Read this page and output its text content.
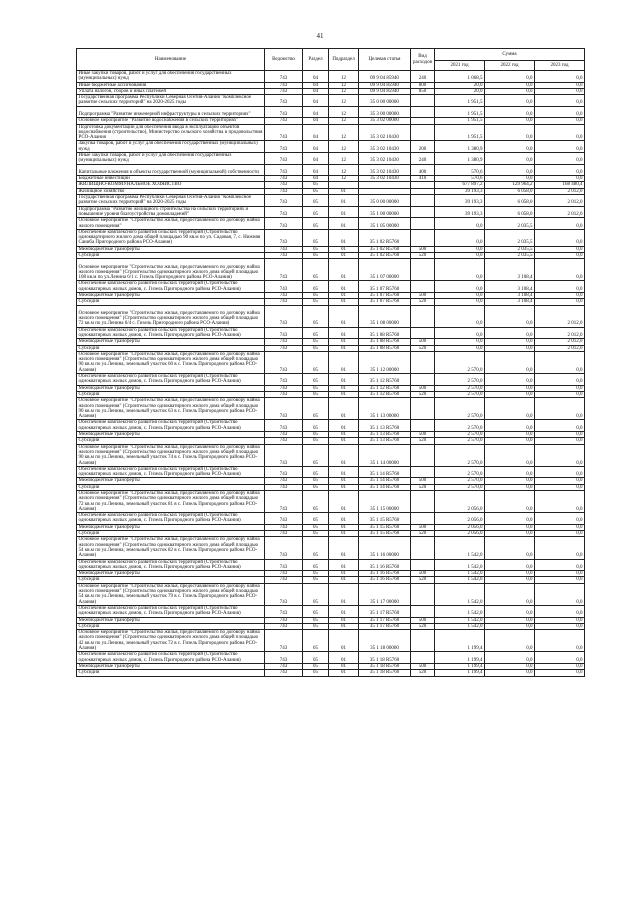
41
Наименование	Ведомство	Раздел	Подраздел	Целевая статья	Вид расходов	Сумма		
						2021 год	2022 год	2023 год
Иные закупки товаров, работ и услуг для обеспечения государственных (муниципальных) нужд	743	04	12	09 9 04 85940	240	1 068,5	0,0	0,0
Иные бюджетные ассигнования	743	04	12	09 9 04 85940	800	20,0	0,0	0,0
Уплата налогов, сборов и иных платежей	743	04	12	09 9 04 85940	850	20,0	0,0	0,0
Государственная программа Республики Северная Осетия-Алания "Комплексное развитие сельских территорий" на 2020-2025 годы	743	04	12	35 0 00 00000		1 951,5	0,0	0,0
Подпрограмма "Развитие инженерной инфраструктуры в сельских территориях"	743	04	12	35 3 00 00000		1 951,5	0,0	0,0
Основное мероприятие "Развитие водоснабжения в сельских территориях"	743	04	12	35 3 02 00000		1 951,5	0,0	0,0
Подготовка документации для обеспечения ввода в эксплуатацию объектов водоснабжения (строительство), Министерство сельского хозяйства и продовольствия РСО-Алания	743	04	12	35 3 02 10430		1 951,5	0,0	0,0
Закупка товаров, работ и услуг для обеспечения государственных (муниципальных) нужд	743	04	12	35 3 02 10430	200	1 380,9	0,0	0,0
Иные закупки товаров, работ и услуг для обеспечения государственных (муниципальных) нужд	743	04	12	35 3 02 10430	240	1 380,9	0,0	0,0
Капитальные вложения в объекты государственной (муниципальной) собственности	743	04	12	35 3 02 10430	400	570,6	0,0	0,0
Бюджетные инвестиции	743	04	12	35 3 02 10430	410	570,6	0,0	0,0
ЖИЛИЩНО-КОММУНАЛЬНОЕ ХОЗЯЙСТВО	743	05				677 897,2	129 964,2	168 480,4
Жилищное хозяйство	743	05	01			39 193,3	6 058,0	2 012,0
Государственная программа Республики Северная Осетия-Алания "Комплексное развитие сельских территорий" на 2020-2025 годы	743	05	01	35 0 00 00000		39 193,3	6 058,0	2 012,0
Подпрограмма "Развитие жилищного строительства на сельских территориях и повышение уровня благоустройства домовладений"	743	05	01	35 1 00 00000		39 193,3	6 058,0	2 012,0
Основное мероприятие "Строительство жилья, предоставляемого по договору найма жилого помещения"	743	05	01	35 1 05 00000		0,0	2 035,5	0,0
Обеспечение комплексного развития сельских территорий (Строительство одноквартирного жилого дома общей площадью 90 кв.м по ул. Садовая, 7, с. Нижняя Саниба Пригородного района РСО-Алания)	743	05	01	35 1 02 R5760		0,0	2 035,5	0,0
Межбюджетные трансферты	743	05	01	35 1 02 R5760	500	0,0	2 035,5	0,0
Субсидии	743	05	01	35 1 02 R5760	520	0,0	2 035,5	0,0
Основное мероприятие "Строительство жилья, предоставляемого по договору найма жилого помещения" (Строительство однокватирного жилого дома общей площадью 108 кв.м по ул.Ленина 6/1 с. Гизель Пригородного района РСО-Алания)	743	05	01	35 1 07 00000		0,0	3 108,4	0,0
Обеспечение комплексного развития сельских территорий (Строительство однокватирных жилых домов, с. Гизель Пригородного района РСО-Алания)	743	05	01	35 1 07 R5760		0,0	3 108,4	0,0
Межбюджетные трансферты	743	05	01	35 1 07 R5760	500	0,0	3 108,4	0,0
Субсидии	743	05	01	35 1 07 R5760	520	0,0	3 108,4	0,0
Основное мероприятие "Строительство жилья, предоставляемого по договору найма жилого помещения" (Строительство однокватирного жилого дома общей площадью 72 кв.м по ул.Ленина 6/4 с. Гизель Пригородного района РСО-Алания)	743	05	01	35 1 08 00000		0,0	0,0	2 012,0
Обеспечение комплексного развития сельских территорий (Строительство однокватирных жилых домов, с. Гизель Пригородного района РСО-Алания)	743	05	01	35 1 08 R5760		0,0	0,0	2 012,0
Межбюджетные трансферты	743	05	01	35 1 08 R5760	500	0,0	0,0	2 012,0
Субсидии	743	05	01	35 1 08 R5760	520	0,0	0,0	2 012,0
Основное мероприятие "Строительство жилья, предоставляемого по договору найма жилого помещения" (Строительство однокватирного жилого дома общей площадью 90 кв.м по ул.Ленина, земельный участок 60 в с. Гизель Пригородного района РСО-Алания)	743	05	01	35 1 12 00000		2 570,0	0,0	0,0
Обеспечение комплексного развития сельских территорий (Строительство однокватирных жилых домов, с. Гизель Пригородного района РСО-Алания)	743	05	01	35 1 12 R5760		2 570,0	0,0	0,0
Межбюджетные трансферты	743	05	01	35 1 12 R5760	500	2 570,0	0,0	0,0
Субсидии	743	05	01	35 1 12 R5760	520	2 570,0	0,0	0,0
Основное мероприятие "Строительство жилья, предоставляемого по договору найма жилого помещения" (Строительство однокватирного жилого дома общей площадью 90 кв.м по ул.Ленина, земельный участок 63 в с. Гизель Пригородного района РСО-Алания)	743	05	01	35 1 13 00000		2 570,0	0,0	0,0
Обеспечение комплексного развития сельских территорий (Строительство однокватирных жилых домов, с. Гизель Пригородного района РСО-Алания)	743	05	01	35 1 13 R5760		2 570,0	0,0	0,0
Межбюджетные трансферты	743	05	01	35 1 13 R5760	500	2 570,0	0,0	0,0
Субсидии	743	05	01	35 1 13 R5760	520	2 570,0	0,0	0,0
Основное мероприятие "Строительство жилья, предоставляемого по договору найма жилого помещения" (Строительство однокватирного жилого дома общей площадью 90 кв.м по ул.Ленина, земельный участок 74 в с. Гизель Пригородного района РСО-Алания)	743	05	01	35 1 14 00000		2 570,0	0,0	0,0
Обеспечение комплексного развития сельских территорий (Строительство однокватирных жилых домов, с. Гизель Пригородного района РСО-Алания)	743	05	01	35 1 14 R5760		2 570,0	0,0	0,0
Межбюджетные трансферты	743	05	01	35 1 14 R5760	500	2 570,0	0,0	0,0
Субсидии	743	05	01	35 1 14 R5760	520	2 570,0	0,0	0,0
Основное мероприятие "Строительство жилья, предоставляемого по договору найма жилого помещения" (Строительство однокватирного жилого дома общей площадью 72 кв.м по ул.Ленина, земельный участок 81 в с. Гизель Пригородного района РСО-Алания)	743	05	01	35 1 15 00000		2 056,0	0,0	0,0
Обеспечение комплексного развития сельских территорий (Строительство однокватирных жилых домов, с. Гизель Пригородного района РСО-Алания)	743	05	01	35 1 15 R5760		2 056,0	0,0	0,0
Межбюджетные трансферты	743	05	01	35 1 15 R5760	500	2 056,0	0,0	0,0
Субсидии	743	05	01	35 1 15 R5760	520	2 056,0	0,0	0,0
Основное мероприятие "Строительство жилья, предоставляемого по договору найма жилого помещения" (Строительство однокватирного жилого дома общей площадью 54 кв.м по ул.Ленина, земельный участок 82 в с. Гизель Пригородного района РСО-Алания)	743	05	01	35 1 16 00000		1 542,0	0,0	0,0
Обеспечение комплексного развития сельских территорий (Строительство однокватирных жилых домов, с. Гизель Пригородного района РСО-Алания)	743	05	01	35 1 16 R5760		1 542,0	0,0	0,0
Межбюджетные трансферты	743	05	01	35 1 16 R5760	500	1 542,0	0,0	0,0
Субсидии	743	05	01	35 1 16 R5760	520	1 542,0	0,0	0,0
Основное мероприятие "Строительство жилья, предоставляемого по договору найма жилого помещения" (Строительство однокватирного жилого дома общей площадью 54 кв.м по ул.Ленина, земельный участок 79 в с. Гизель Пригородного района РСО-Алания)	743	05	01	35 1 17 00000		1 542,0	0,0	0,0
Обеспечение комплексного развития сельских территорий (Строительство однокватирных жилых домов, с. Гизель Пригородного района РСО-Алания)	743	05	01	35 1 17 R5760		1 542,0	0,0	0,0
Межбюджетные трансферты	743	05	01	35 1 17 R5760	500	1 542,0	0,0	0,0
Субсидии	743	05	01	35 1 17 R5760	520	1 542,0	0,0	0,0
Основное мероприятие "Строительство жилья, предоставляемого по договору найма жилого помещения" (Строительство однокватирного жилого дома общей площадью 42 кв.м по ул.Ленина, земельный участок 72 в с. Гизель Пригородного района РСО-Алания)	743	05	01	35 1 18 00000		1 199,4	0,0	0,0
Обеспечение комплексного развития сельских территорий (Строительство однокватирных жилых домов, с. Гизель Пригородного района РСО-Алания)	743	05	01	35 1 18 R5760		1 199,4	0,0	0,0
Межбюджетные трансферты	743	05	01	35 1 18 R5760	500	1 199,4	0,0	0,0
Субсидии	743	05	01	35 1 18 R5760	520	1 199,4	0,0	0,0
